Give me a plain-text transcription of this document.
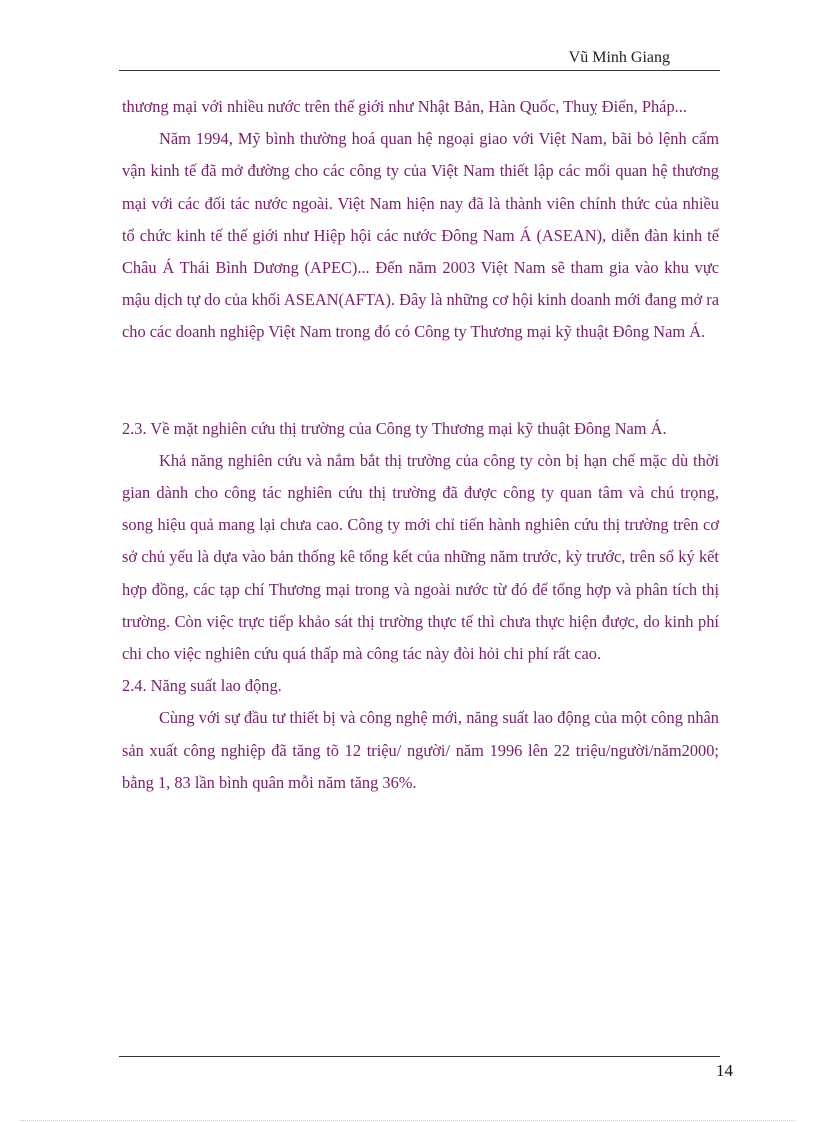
Vũ Minh Giang

thương mại với nhiều nước trên thế giới như Nhật Bản, Hàn Quốc, Thuỵ Điển, Pháp...

Năm 1994, Mỹ bình thường hoá quan hệ ngoại giao với Việt Nam, bãi bỏ lệnh cấm vận kinh tế đã mở đường cho các công ty của Việt Nam thiết lập các mối quan hệ thương mại với các đối tác nước ngoài. Việt Nam hiện nay đã là thành viên chính thức của nhiều tổ chức kinh tế thế giới như Hiệp hội các nước Đông Nam Á (ASEAN), diễn đàn kinh tế Châu Á Thái Bình Dương (APEC)... Đến năm 2003 Việt Nam sẽ tham gia vào khu vực mậu dịch tự do của khối ASEAN(AFTA). Đây là những cơ hội kinh doanh mới đang mở ra cho các doanh nghiệp Việt Nam trong đó có Công ty Thương mại kỹ thuật Đông Nam Á.

2.3. Về mặt nghiên cứu thị trường của Công ty Thương mại kỹ thuật Đông Nam Á.

Khả năng nghiên cứu và nắm bắt thị trường của công ty còn bị hạn chế mặc dù thời gian dành cho công tác nghiên cứu thị trường đã được công ty quan tâm và chú trọng, song hiệu quả mang lại chưa cao. Công ty mới chỉ tiến hành nghiên cứu thị trường trên cơ sở chủ yếu là dựa vào bản thống kê tổng kết của những năm trước, kỳ trước, trên sổ ký kết hợp đồng, các tạp chí Thương mại trong và ngoài nước từ đó để tổng hợp và phân tích thị trường. Còn việc trực tiếp khảo sát thị trường thực tế thì chưa thực hiện được, do kinh phí chi cho việc nghiên cứu quá thấp mà công tác này đòi hỏi chi phí rất cao.

2.4. Năng suất lao động.

Cùng với sự đầu tư thiết bị và công nghệ mới, năng suất lao động của một công nhân sản xuất công nghiệp đã tăng tõ 12 triệu/ người/ năm 1996 lên 22 triệu/người/năm2000; bằng 1, 83 lần bình quân mỗi năm tăng 36%.

14
